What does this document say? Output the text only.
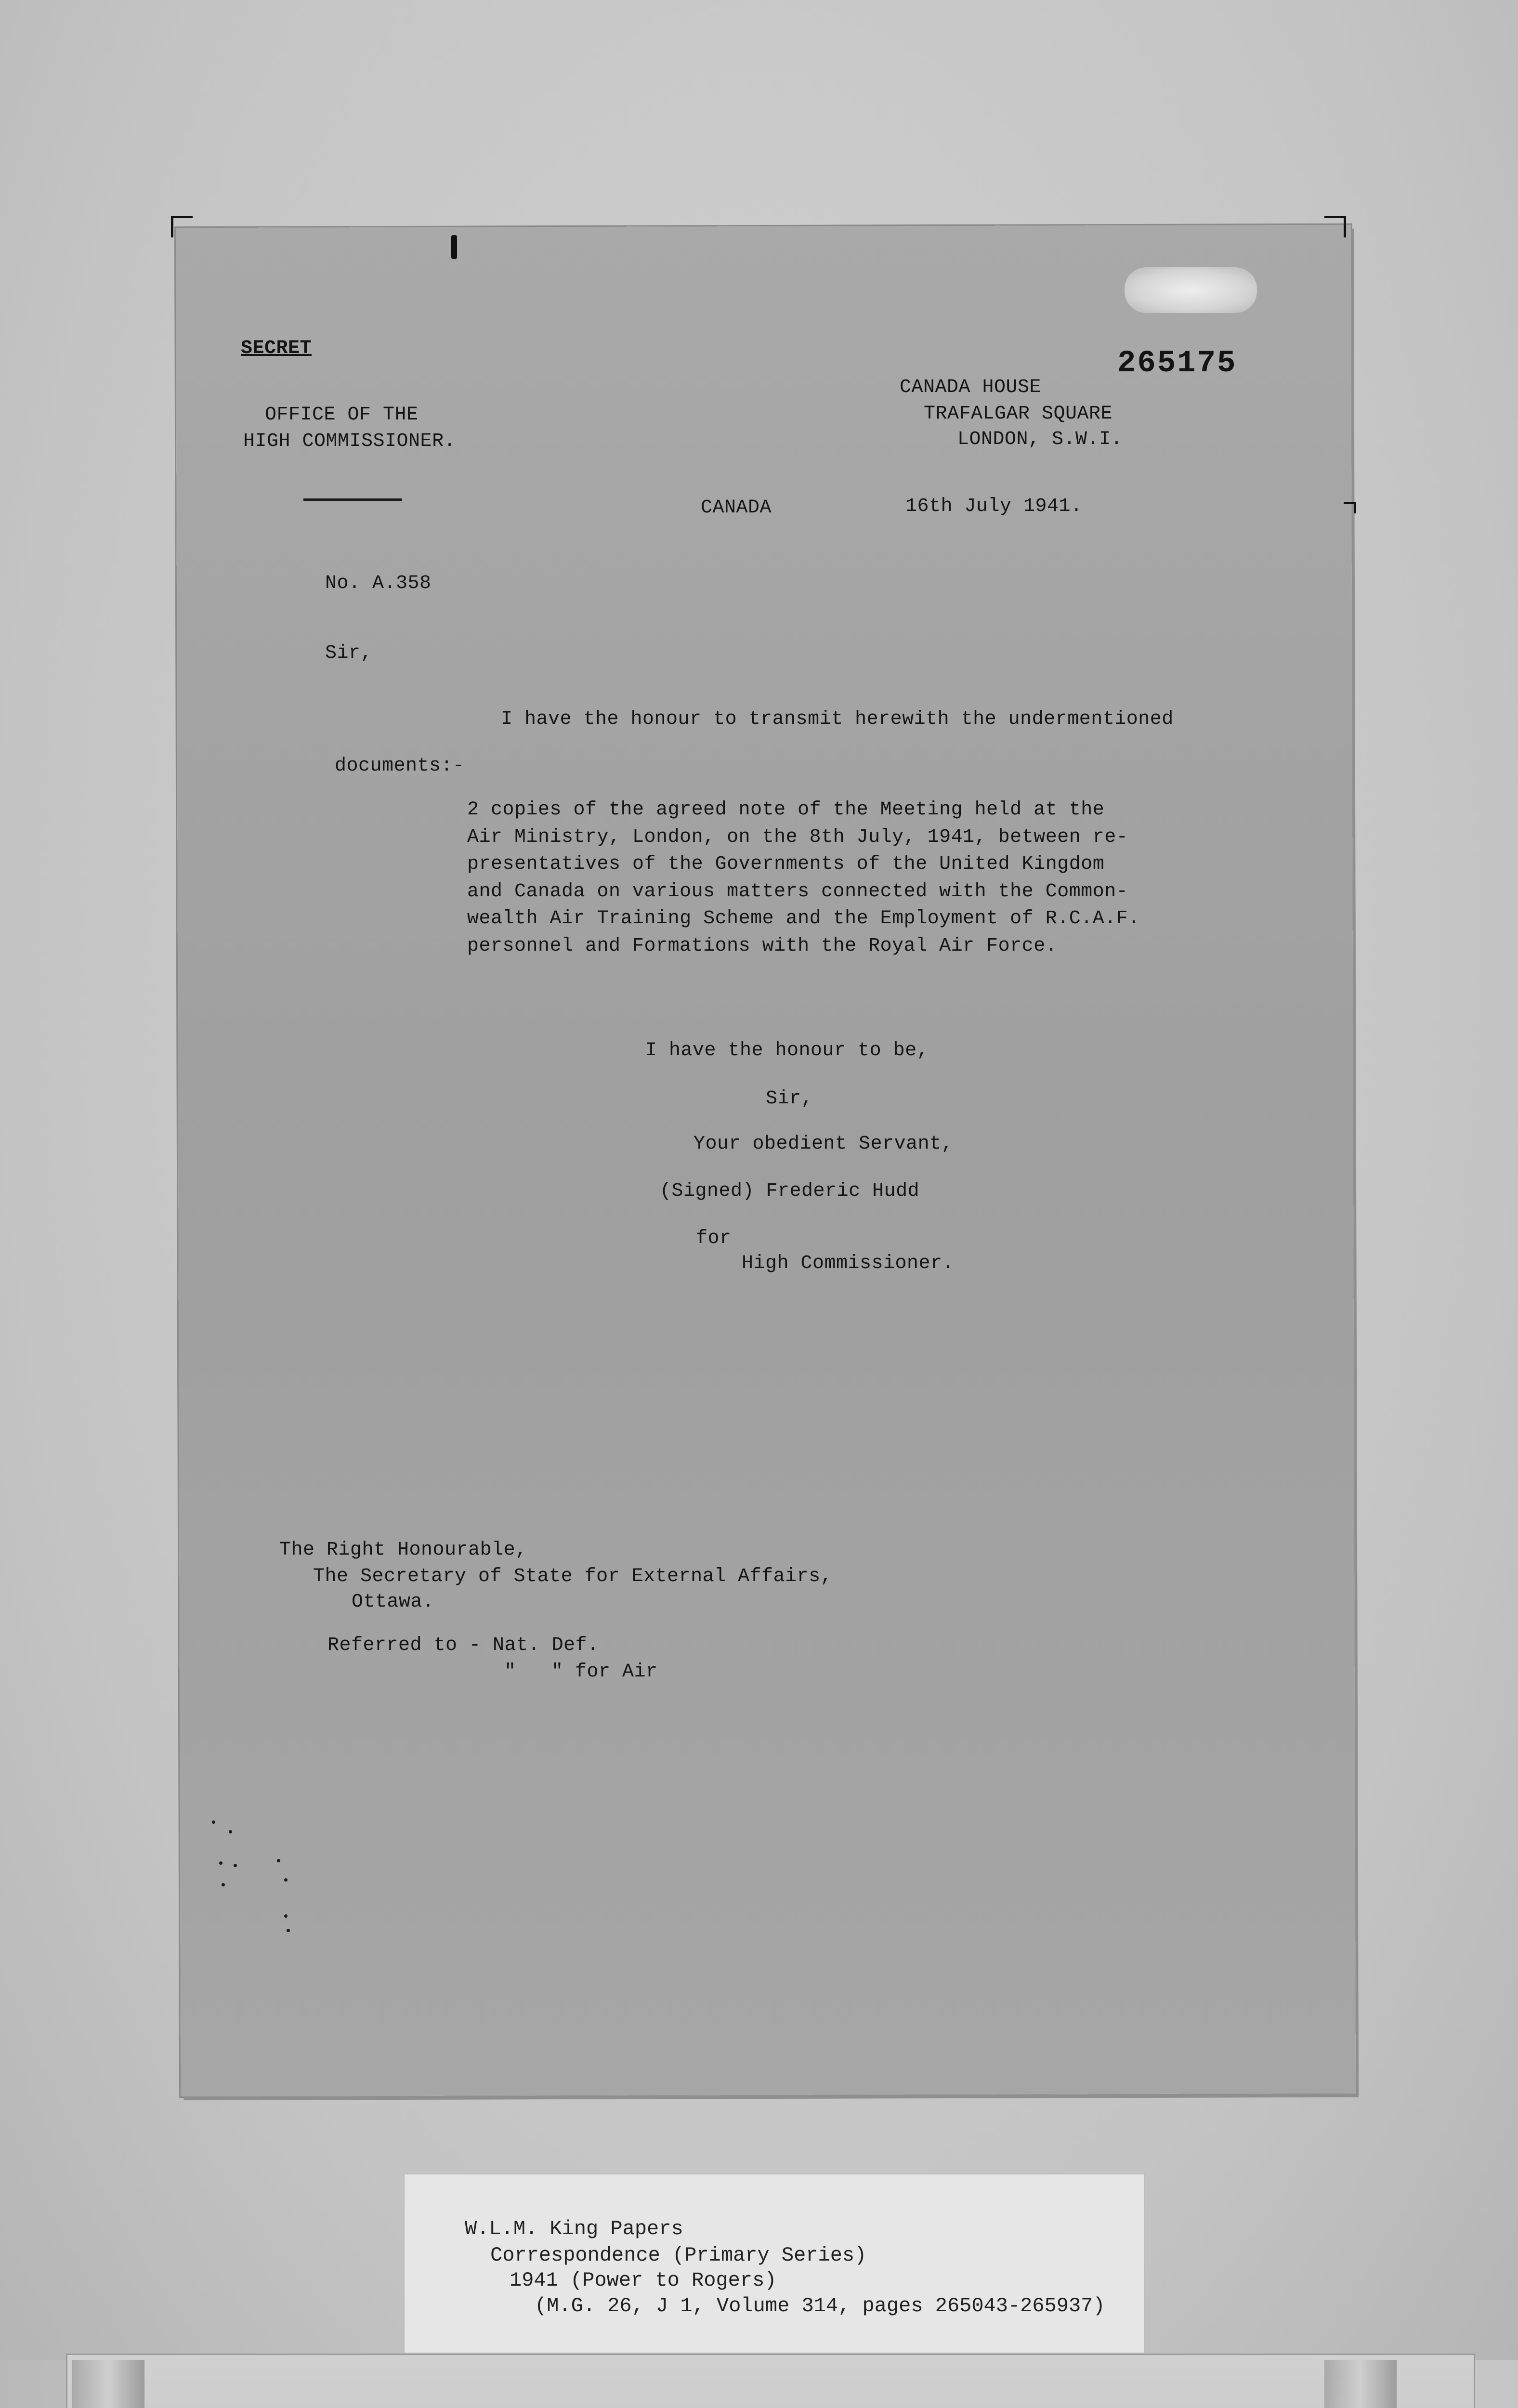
SECRET	265175
OFFICE OF THE
HIGH COMMISSIONER.
CANADA HOUSE
TRAFALGAR SQUARE
LONDON, S.W.I.
CANADA	16th July 1941.
No. A.358
Sir,
I have the honour to transmit herewith the undermentioned
documents:-
2 copies of the agreed note of the Meeting held at the
Air Ministry, London, on the 8th July, 1941, between re-
presentatives of the Governments of the United Kingdom
and Canada on various matters connected with the Common-
wealth Air Training Scheme and the Employment of R.C.A.F.
personnel and Formations with the Royal Air Force.
I have the honour to be,
Sir,
Your obedient Servant,
(Signed) Frederic Hudd
for
High Commissioner.
The Right Honourable,
The Secretary of State for External Affairs,
Ottawa.
Referred to - Nat. Def.
"   " for Air
W.L.M. King Papers
Correspondence (Primary Series)
1941 (Power to Rogers)
(M.G. 26, J 1, Volume 314, pages 265043-265937)
